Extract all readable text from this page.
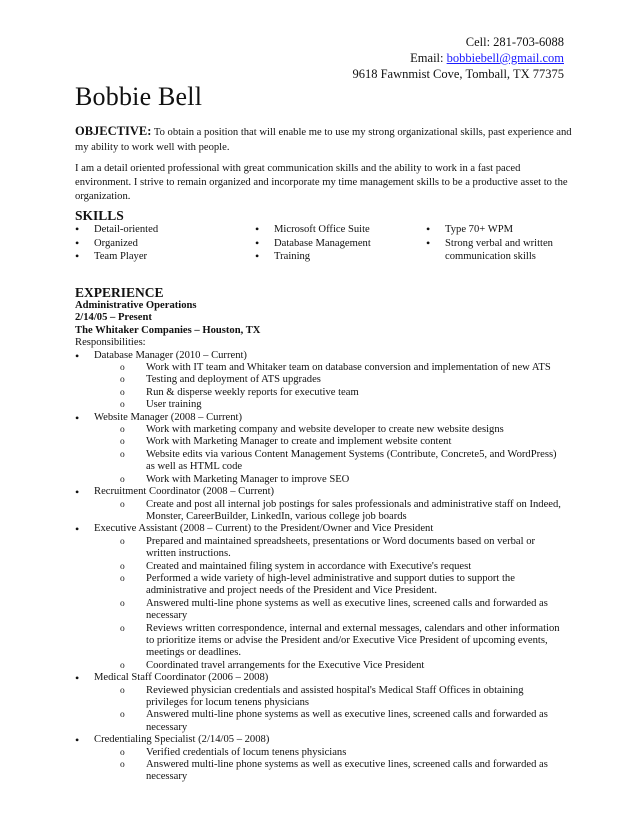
Cell: 281-703-6088
Email: bobbiebell@gmail.com
9618 Fawnmist Cove, Tomball, TX 77375
Bobbie Bell
OBJECTIVE: To obtain a position that will enable me to use my strong organizational skills, past experience and my ability to work well with people.
I am a detail oriented professional with great communication skills and the ability to work in a fast paced environment. I strive to remain organized and incorporate my time management skills to be a productive asset to the organization.
SKILLS
• Detail-oriented
• Organized
• Team Player
• Microsoft Office Suite
• Database Management
• Training
• Type 70+ WPM
• Strong verbal and written communication skills
EXPERIENCE
Administrative Operations
2/14/05 – Present
The Whitaker Companies – Houston, TX
Responsibilities:
• Database Manager (2010 – Current)
o Work with IT team and Whitaker team on database conversion and implementation of new ATS
o Testing and deployment of ATS upgrades
o Run & disperse weekly reports for executive team
o User training
• Website Manager (2008 – Current)
o Work with marketing company and website developer to create new website designs
o Work with Marketing Manager to create and implement website content
o Website edits via various Content Management Systems (Contribute, Concrete5, and WordPress) as well as HTML code
o Work with Marketing Manager to improve SEO
• Recruitment Coordinator (2008 – Current)
o Create and post all internal job postings for sales professionals and administrative staff on Indeed, Monster, CareerBuilder, LinkedIn, various college job boards
• Executive Assistant (2008 – Current) to the President/Owner and Vice President
o Prepared and maintained spreadsheets, presentations or Word documents based on verbal or written instructions.
o Created and maintained filing system in accordance with Executive's request
o Performed a wide variety of high-level administrative and support duties to support the administrative and project needs of the President and Vice President.
o Answered multi-line phone systems as well as executive lines, screened calls and forwarded as necessary
o Reviews written correspondence, internal and external messages, calendars and other information to prioritize items or advise the President and/or Executive Vice President of upcoming events, meetings or deadlines.
o Coordinated travel arrangements for the Executive Vice President
• Medical Staff Coordinator (2006 – 2008)
o Reviewed physician credentials and assisted hospital's Medical Staff Offices in obtaining privileges for locum tenens physicians
o Answered multi-line phone systems as well as executive lines, screened calls and forwarded as necessary
• Credentialing Specialist (2/14/05 – 2008)
o Verified credentials of locum tenens physicians
o Answered multi-line phone systems as well as executive lines, screened calls and forwarded as necessary
